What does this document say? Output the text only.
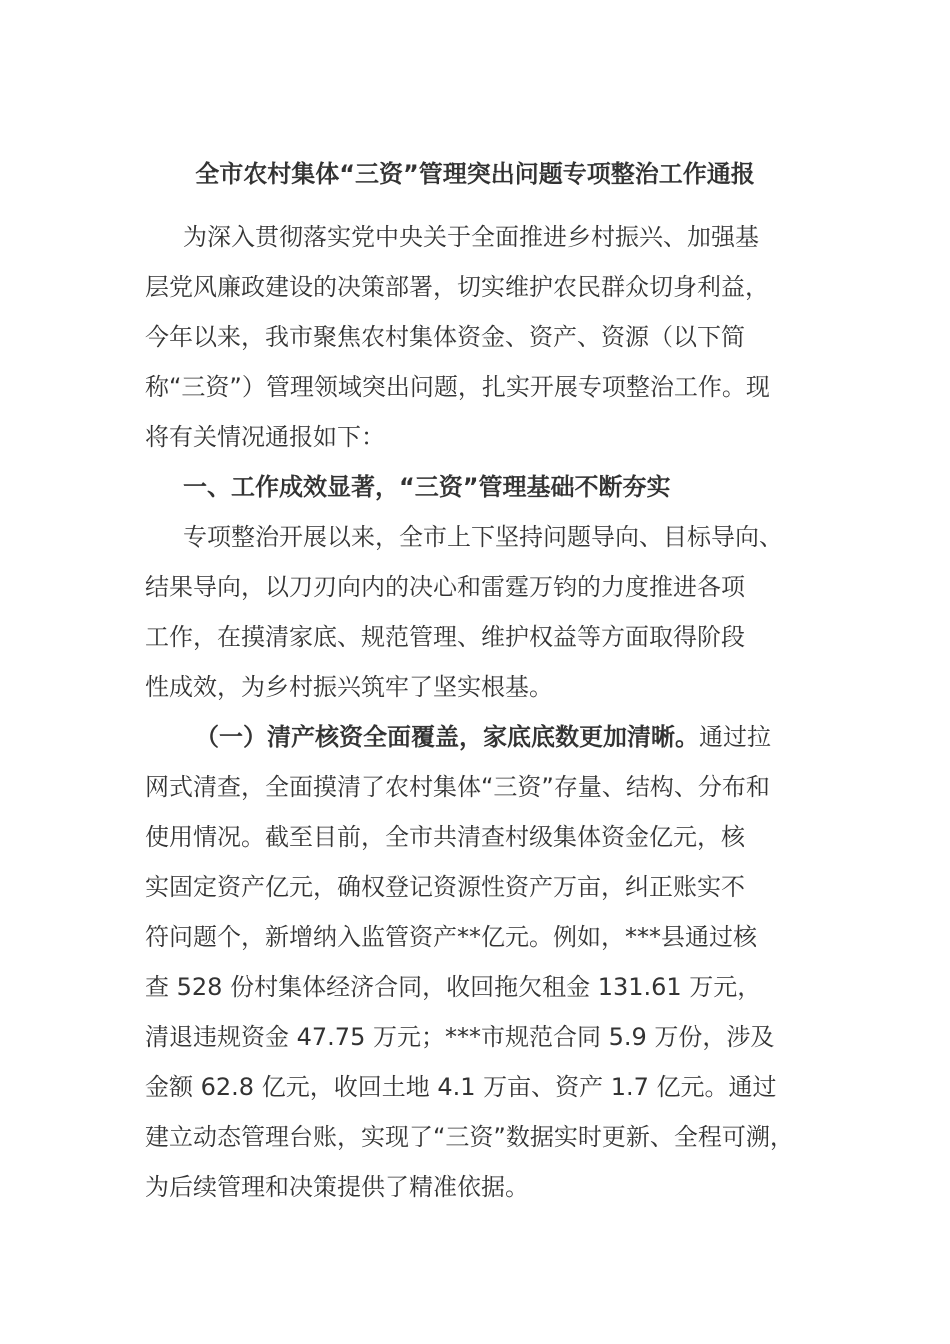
全市农村集体“三资”管理突出问题专项整治工作通报
为深入贯彻落实党中央关于全面推进乡村振兴、加强基
层党风廉政建设的决策部署，切实维护农民群众切身利益，
今年以来，我市聚焦农村集体资金、资产、资源（以下简
称“三资”）管理领域突出问题，扎实开展专项整治工作。现
将有关情况通报如下：
一、工作成效显著，“三资”管理基础不断夯实
专项整治开展以来，全市上下坚持问题导向、目标导向、
结果导向，以刀刃向内的决心和雷霆万钧的力度推进各项
工作，在摸清家底、规范管理、维护权益等方面取得阶段
性成效，为乡村振兴筑牢了坚实根基。
（一）清产核资全面覆盖，家底底数更加清晰。通过拉
网式清查，全面摸清了农村集体“三资”存量、结构、分布和
使用情况。截至目前，全市共清查村级集体资金亿元，核
实固定资产亿元，确权登记资源性资产万亩，纠正账实不
符问题个，新增纳入监管资产**亿元。例如，***县通过核
查 528 份村集体经济合同，收回拖欠租金 131.61 万元，
清退违规资金 47.75 万元；***市规范合同 5.9 万份，涉及
金额 62.8 亿元，收回土地 4.1 万亩、资产 1.7 亿元。通过
建立动态管理台账，实现了“三资”数据实时更新、全程可溯，
为后续管理和决策提供了精准依据。
